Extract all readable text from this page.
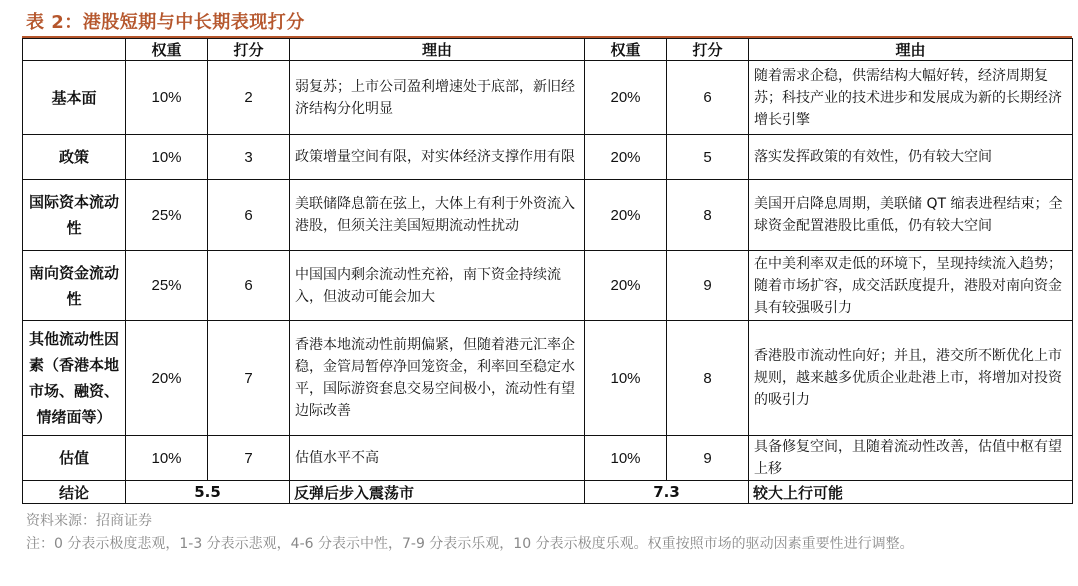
表 2：港股短期与中长期表现打分
	权重	打分	理由	权重	打分	理由
基本面	10%	2	弱复苏；上市公司盈利增速处于底部，新旧经济结构分化明显	20%	6	随着需求企稳，供需结构大幅好转，经济周期复苏；科技产业的技术进步和发展成为新的长期经济增长引擎
政策	10%	3	政策增量空间有限，对实体经济支撑作用有限	20%	5	落实发挥政策的有效性，仍有较大空间
国际资本流动性	25%	6	美联储降息箭在弦上，大体上有利于外资流入港股，但须关注美国短期流动性扰动	20%	8	美国开启降息周期，美联储 QT 缩表进程结束；全球资金配置港股比重低，仍有较大空间
南向资金流动性	25%	6	中国国内剩余流动性充裕，南下资金持续流入，但波动可能会加大	20%	9	在中美利率双走低的环境下，呈现持续流入趋势；随着市场扩容，成交活跃度提升，港股对南向资金具有较强吸引力
其他流动性因素（香港本地市场、融资、情绪面等）	20%	7	香港本地流动性前期偏紧，但随着港元汇率企稳，金管局暂停净回笼资金，利率回至稳定水平，国际游资套息交易空间极小，流动性有望边际改善	10%	8	香港股市流动性向好；并且，港交所不断优化上市规则，越来越多优质企业赴港上市，将增加对投资的吸引力
估值	10%	7	估值水平不高	10%	9	具备修复空间，且随着流动性改善，估值中枢有望上移
结论	5.5		反弹后步入震荡市	7.3		较大上行可能
资料来源：招商证券
注：0 分表示极度悲观，1-3 分表示悲观，4-6 分表示中性，7-9 分表示乐观，10 分表示极度乐观。权重按照市场的驱动因素重要性进行调整。
